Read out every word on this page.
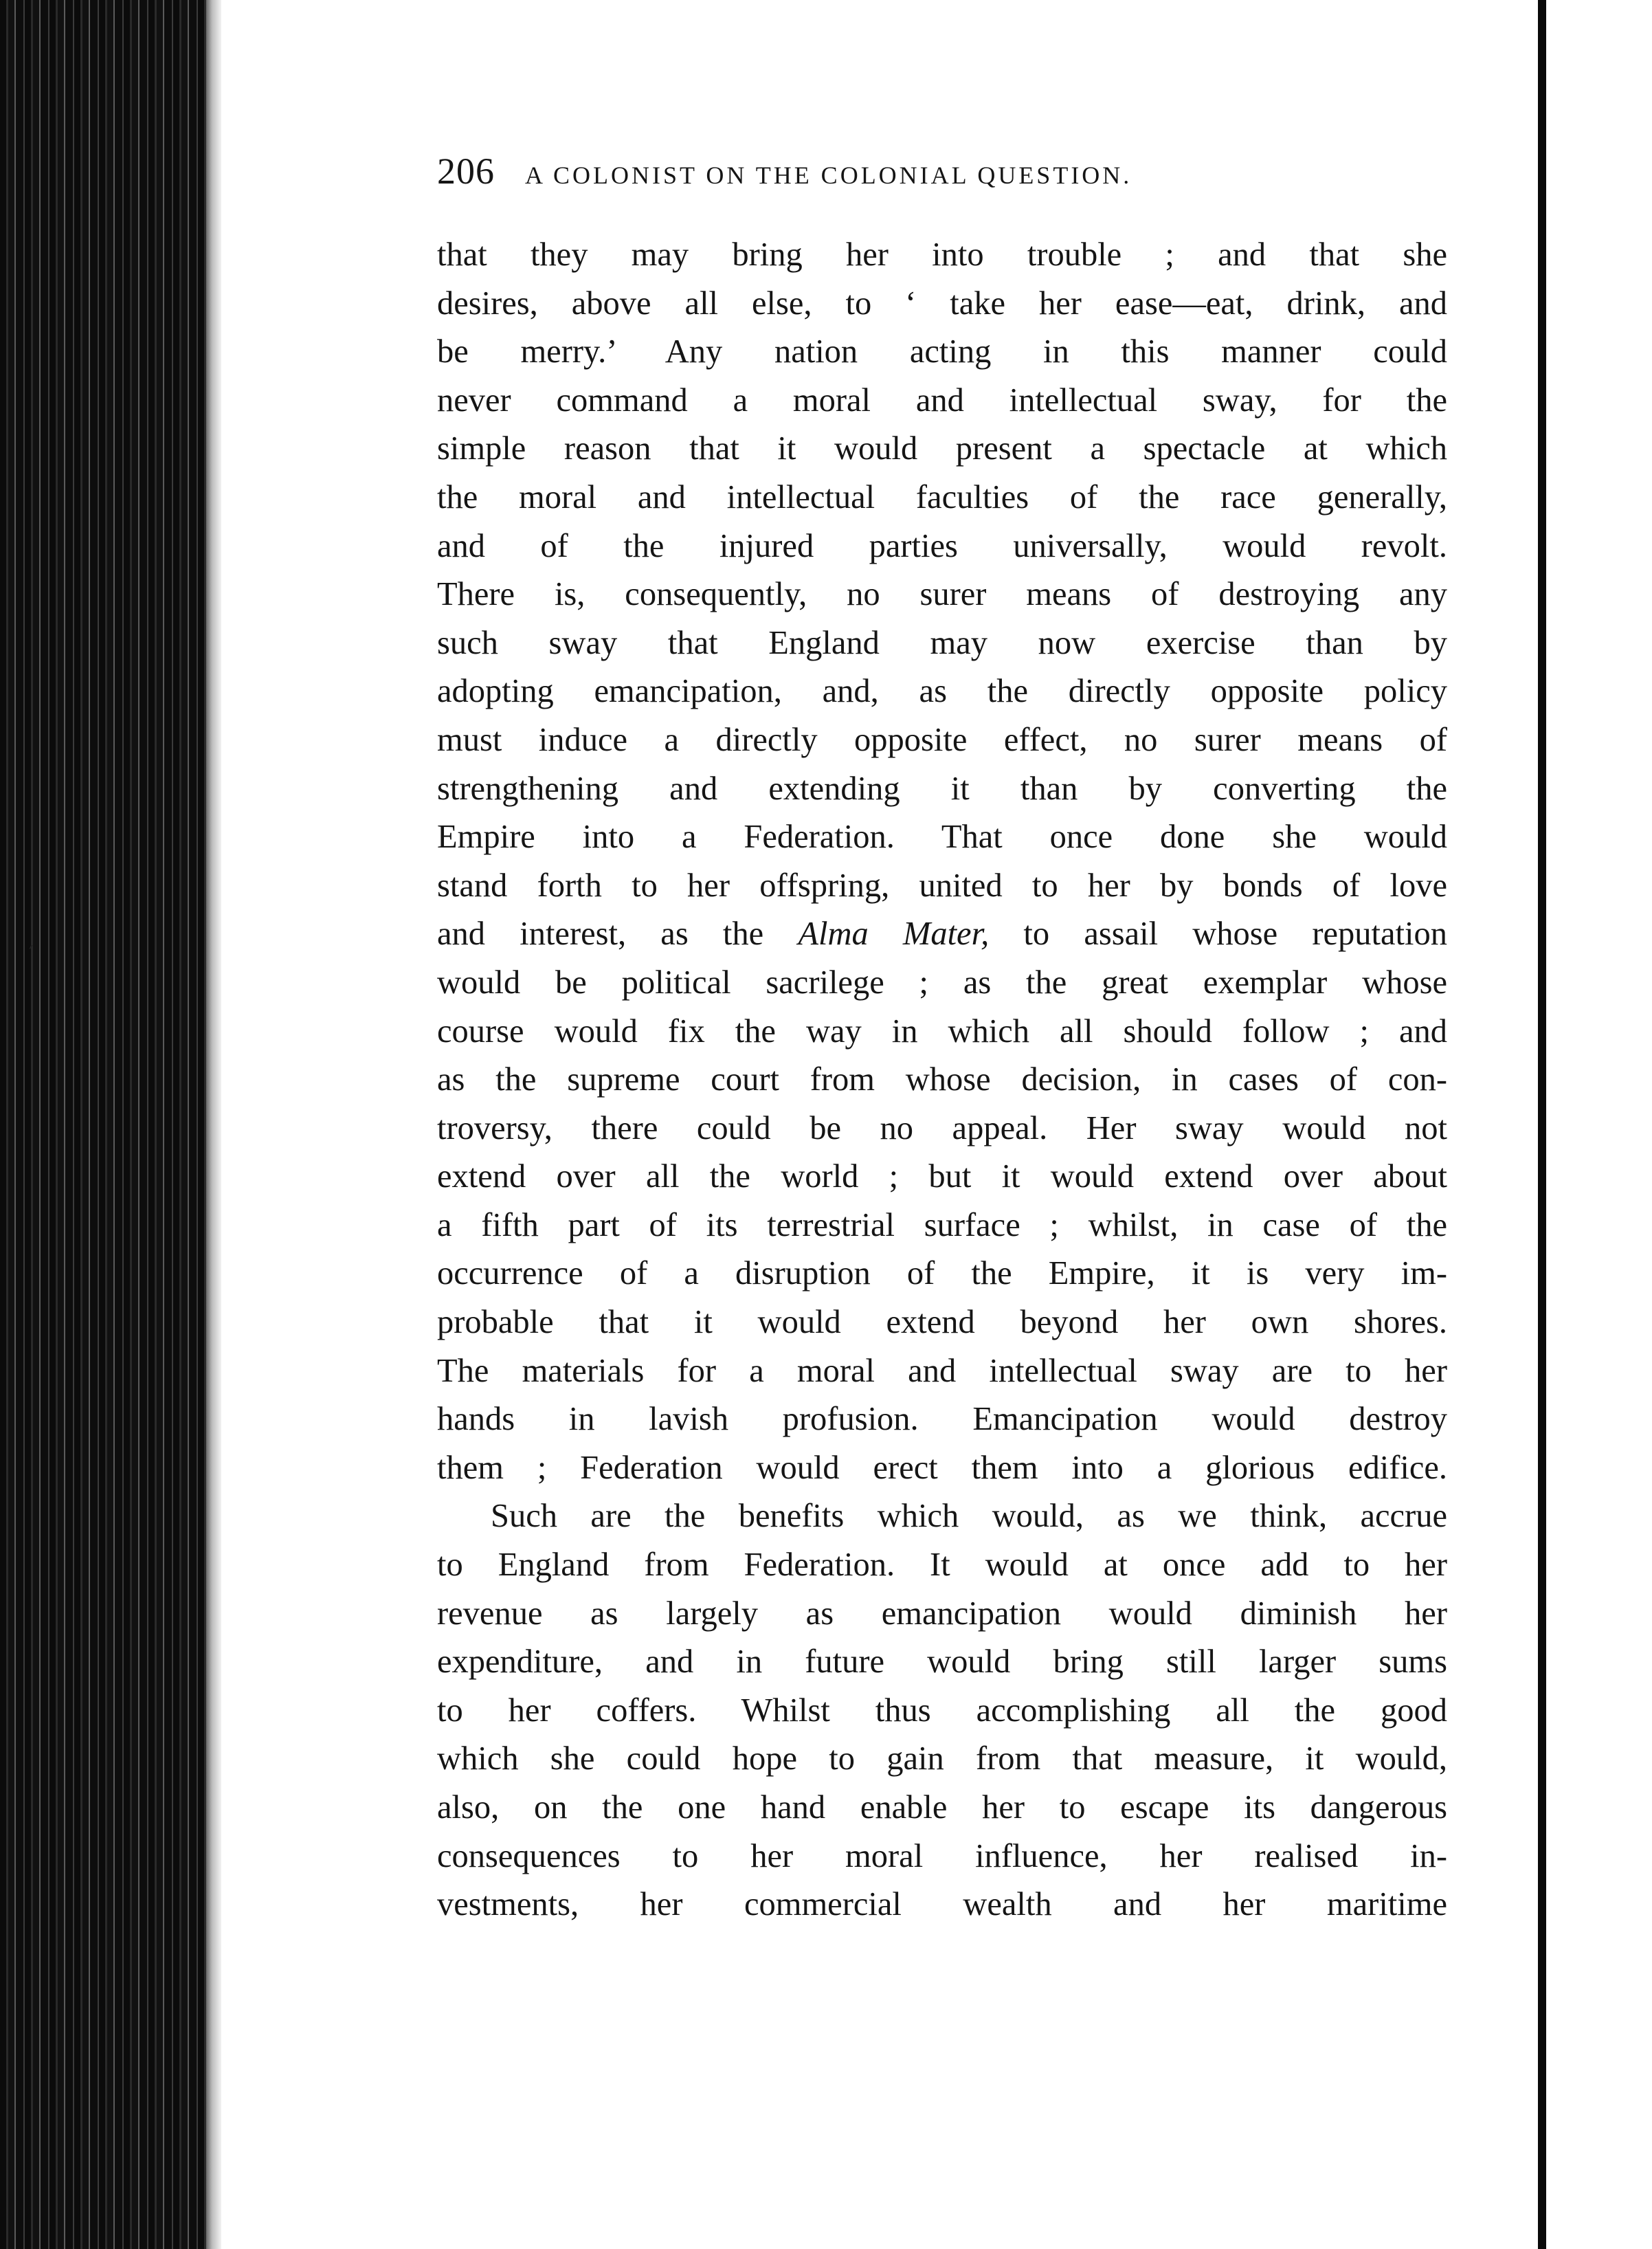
′
206 A COLONIST ON THE COLONIAL QUESTION.
that they may bring her into trouble ; and that she
desires, above all else, to ‘ take her ease—eat, drink, and
be merry.’ Any nation acting in this manner could
never command a moral and intellectual sway, for the
simple reason that it would present a spectacle at which
the moral and intellectual faculties of the race generally,
and of the injured parties universally, would revolt.
There is, consequently, no surer means of destroying any
such sway that England may now exercise than by
adopting emancipation, and, as the directly opposite policy
must induce a directly opposite effect, no surer means of
strengthening and extending it than by converting the
Empire into a Federation. That once done she would
stand forth to her offspring, united to her by bonds of love
and interest, as the Alma Mater, to assail whose reputation
would be political sacrilege ; as the great exemplar whose
course would fix the way in which all should follow ; and
as the supreme court from whose decision, in cases of con-
troversy, there could be no appeal. Her sway would not
extend over all the world ; but it would extend over about
a fifth part of its terrestrial surface ; whilst, in case of the
occurrence of a disruption of the Empire, it is very im-
probable that it would extend beyond her own shores.
The materials for a moral and intellectual sway are to her
hands in lavish profusion. Emancipation would destroy
them ; Federation would erect them into a glorious edifice.
Such are the benefits which would, as we think, accrue
to England from Federation. It would at once add to her
revenue as largely as emancipation would diminish her
expenditure, and in future would bring still larger sums
to her coffers. Whilst thus accomplishing all the good
which she could hope to gain from that measure, it would,
also, on the one hand enable her to escape its dangerous
consequences to her moral influence, her realised in-
vestments, her commercial wealth and her maritime
